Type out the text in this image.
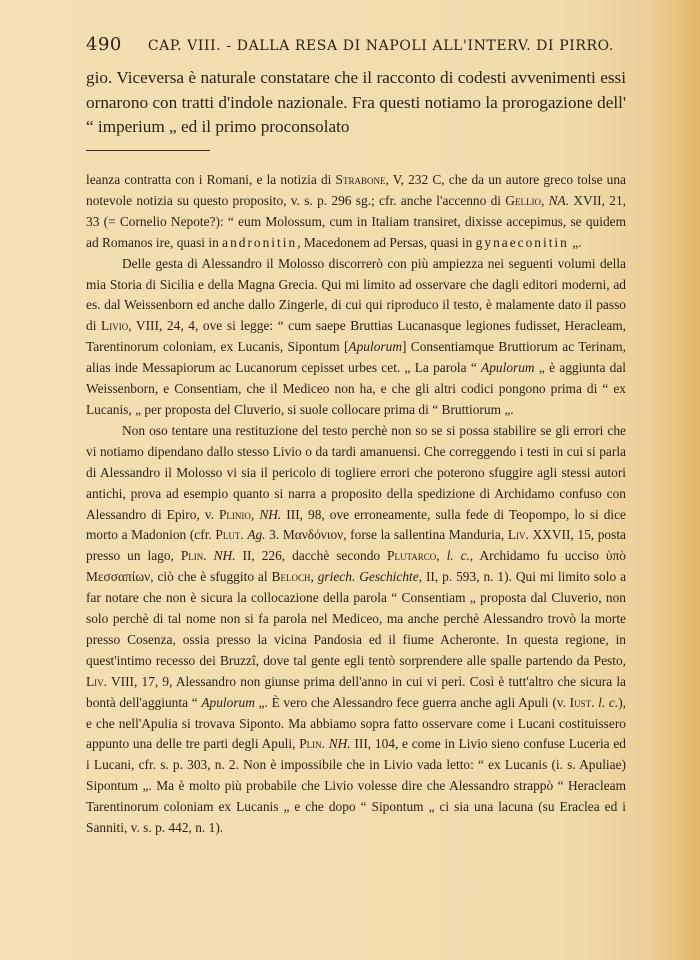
490 CAP. VIII. - DALLA RESA DI NAPOLI ALL'INTERV. DI PIRRO.

gio. Viceversa è naturale constatare che il racconto di codesti avvenimenti essi ornarono con tratti d'indole nazionale. Fra questi notiamo la prorogazione dell' “ imperium „ ed il primo proconsolato

leanza contratta con i Romani, e la notizia di Strabone, V, 232 C, che da un autore greco tolse una notevole notizia su questo proposito, v. s. p. 296 sg.; cfr. anche l'accenno di Gellio, NA. XVII, 21, 33 (= Cornelio Nepote?): “ eum Molossum, cum in Italiam transiret, dixisse accepimus, se quidem ad Romanos ire, quasi in andronitin, Macedonem ad Persas, quasi in gynaeconitin „.

Delle gesta di Alessandro il Molosso discorrerò con più ampiezza nei seguenti volumi della mia Storia di Sicilia e della Magna Grecia. Qui mi limito ad osservare che dagli editori moderni, ad es. dal Weissenborn ed anche dallo Zingerle, di cui qui riproduco il testo, è malamente dato il passo di Livio, VIII, 24, 4, ove si legge: “ cum saepe Bruttias Lucanasque legiones fudisset, Heracleam, Tarentinorum coloniam, ex Lucanis, Sipontum [Apulorum] Consentiamque Bruttiorum ac Terinam, alias inde Messapiorum ac Lucanorum cepisset urbes cet. „ La parola “ Apulorum „ è aggiunta dal Weissenborn, e Consentiam, che il Mediceo non ha, e che gli altri codici pongono prima di “ ex Lucanis, „ per proposta del Cluverio, si suole collocare prima di “ Bruttiorum „.

Non oso tentare una restituzione del testo perchè non so se si possa stabilire se gli errori che vi notiamo dipendano dallo stesso Livio o da tardi amanuensi. Che correggendo i testi in cui si parla di Alessandro il Molosso vi sia il pericolo di togliere errori che poterono sfuggire agli stessi autori antichi, prova ad esempio quanto si narra a proposito della spedizione di Archidamo confuso con Alessandro di Epiro, v. Plinio, NH. III, 98, ove erroneamente, sulla fede di Teopompo, lo si dice morto a Madonion (cfr. Plut. Ag. 3. Μανδόνιον, forse la sallentina Manduria, Liv. XXVII, 15, posta presso un lago, Plin. NH. II, 226, dacchè secondo Plutarco, l. c., Archidamo fu ucciso ὑπὸ Μεσσαπίων, ciò che è sfuggito al Beloch, griech. Geschichte, II, p. 593, n. 1). Qui mi limito solo a far notare che non è sicura la collocazione della parola “ Consentiam „ proposta dal Cluverio, non solo perchè di tal nome non si fa parola nel Mediceo, ma anche perchè Alessandro trovò la morte presso Cosenza, ossia presso la vicina Pandosia ed il fiume Acheronte. In questa regione, in quest'intimo recesso dei Bruzzî, dove tal gente egli tentò sorprendere alle spalle partendo da Pesto, Liv. VIII, 17, 9, Alessandro non giunse prima dell'anno in cui vi perì. Così è tutt'altro che sicura la bontà dell'aggiunta “ Apulorum „. È vero che Alessandro fece guerra anche agli Apuli (v. Iust. l. c.), e che nell'Apulia si trovava Siponto. Ma abbiamo sopra fatto osservare come i Lucani costituissero appunto una delle tre parti degli Apuli, Plin. NH. III, 104, e come in Livio sieno confuse Luceria ed i Lucani, cfr. s. p. 303, n. 2. Non è impossibile che in Livio vada letto: “ ex Lucanis (i. s. Apuliae) Sipontum „. Ma è molto più probabile che Livio volesse dire che Alessandro strappò “ Heracleam Tarentinorum coloniam ex Lucanis „ e che dopo “ Sipontum „ ci sia una lacuna (su Eraclea ed i Sanniti, v. s. p. 442, n. 1).
